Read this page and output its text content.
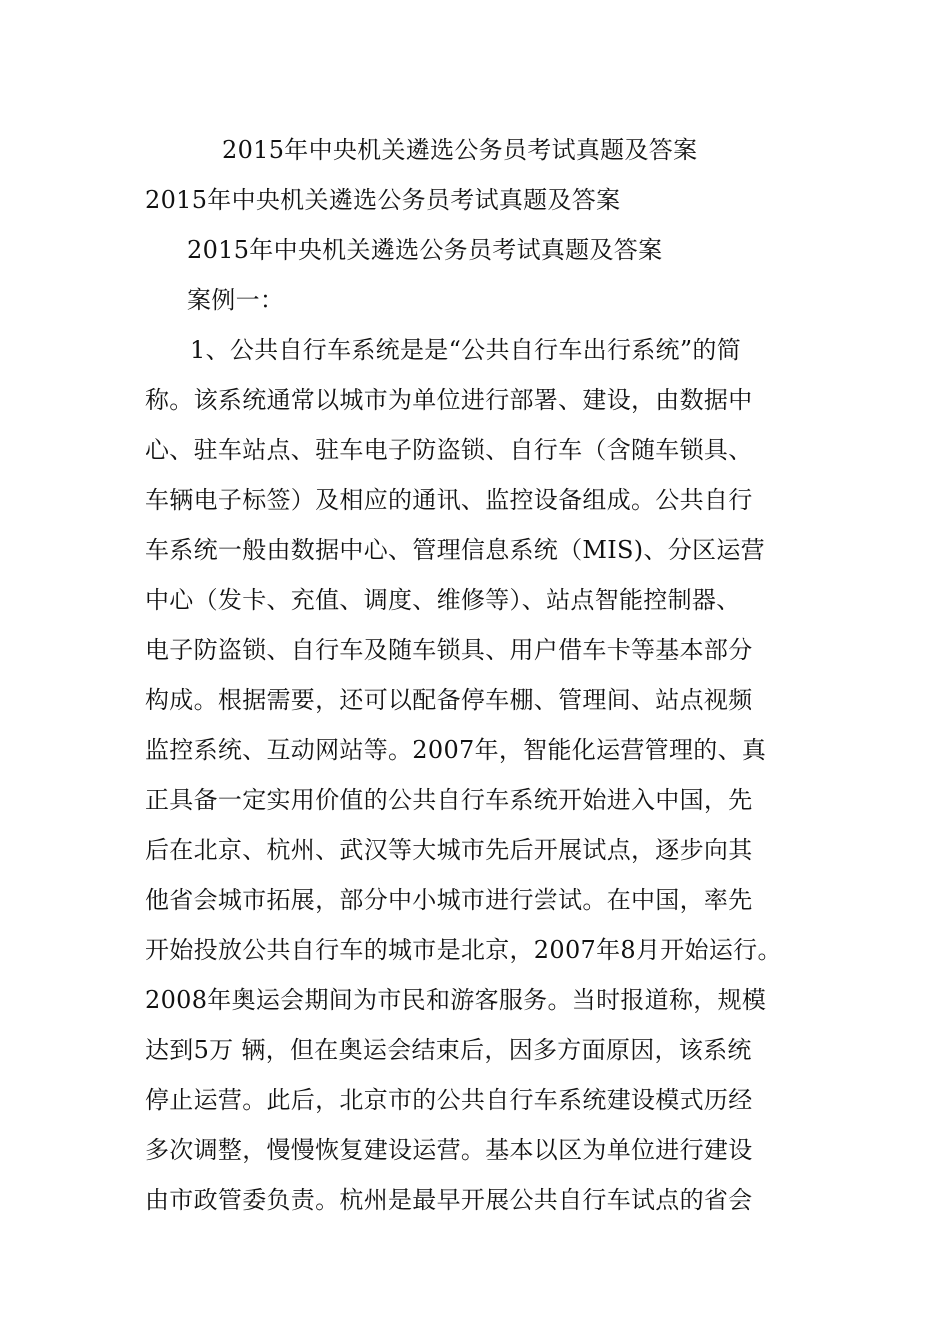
2015年中央机关遴选公务员考试真题及答案
2015年中央机关遴选公务员考试真题及答案
2015年中央机关遴选公务员考试真题及答案
案例一：
1、公共自行车系统是是“公共自行车出行系统”的简
称。该系统通常以城市为单位进行部署、建设，由数据中
心、驻车站点、驻车电子防盗锁、自行车（含随车锁具、
车辆电子标签）及相应的通讯、监控设备组成。公共自行
车系统一般由数据中心、管理信息系统（MIS)、分区运营
中心（发卡、充值、调度、维修等）、站点智能控制器、
电子防盗锁、自行车及随车锁具、用户借车卡等基本部分
构成。根据需要，还可以配备停车棚、管理间、站点视频
监控系统、互动网站等。2007年，智能化运营管理的、真
正具备一定实用价值的公共自行车系统开始进入中国，先
后在北京、杭州、武汉等大城市先后开展试点，逐步向其
他省会城市拓展，部分中小城市进行尝试。在中国，率先
开始投放公共自行车的城市是北京，2007年8月开始运行。
2008年奥运会期间为市民和游客服务。当时报道称，规模
达到5万 辆，但在奥运会结束后，因多方面原因，该系统
停止运营。此后，北京市的公共自行车系统建设模式历经
多次调整，慢慢恢复建设运营。基本以区为单位进行建设
由市政管委负责。杭州是最早开展公共自行车试点的省会
